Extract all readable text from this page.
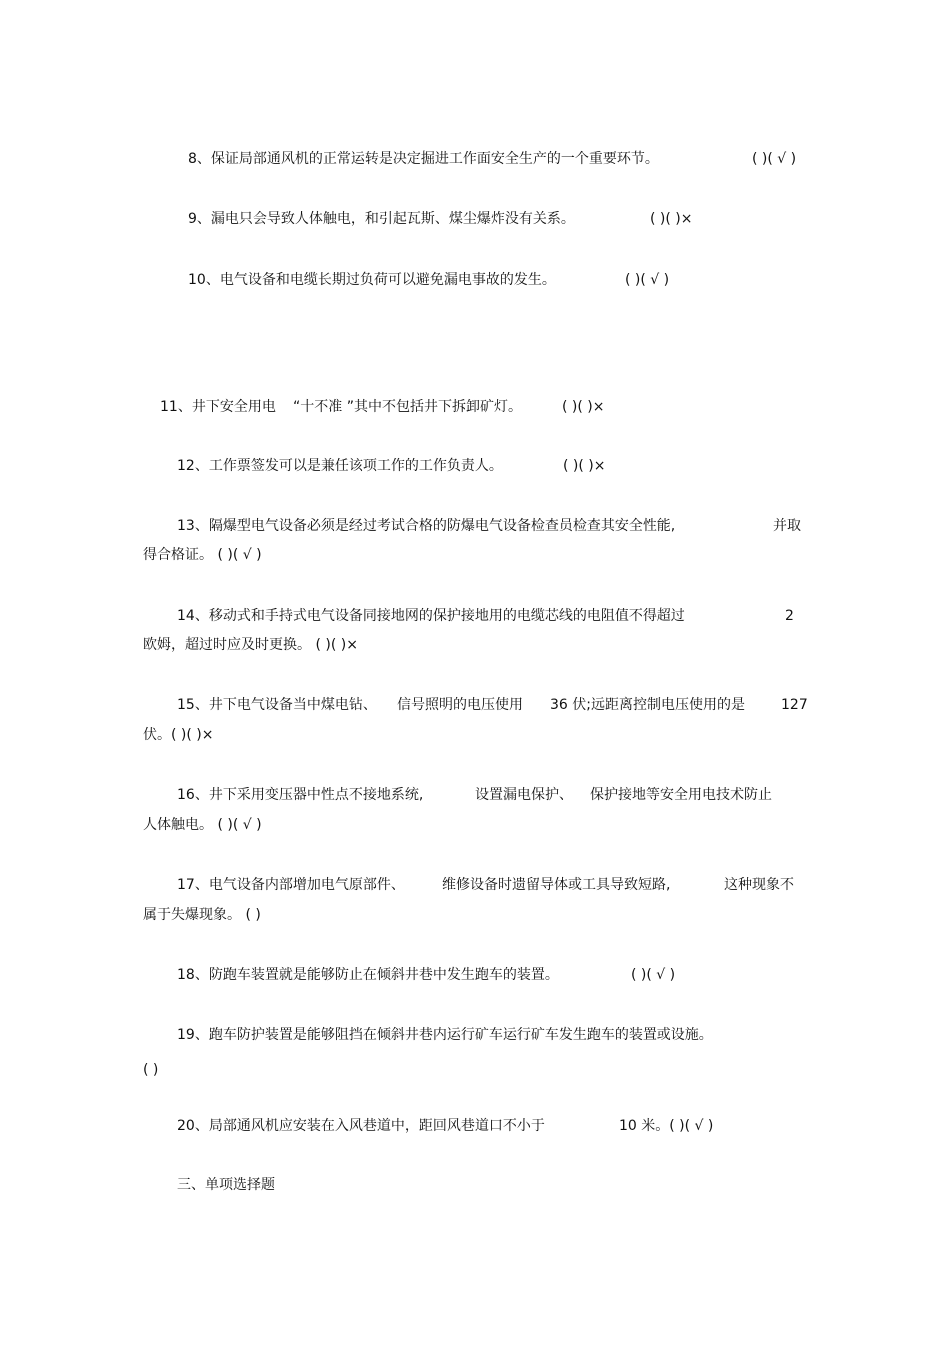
8、保证局部通风机的正常运转是决定掘进工作面安全生产的一个重要环节。	( )( √ )
9、漏电只会导致人体触电，和引起瓦斯、煤尘爆炸没有关系。	( )( )×
10、电气设备和电缆长期过负荷可以避免漏电事故的发生。	( )( √ )
11、井下安全用电 “十不准 ”其中不包括井下拆卸矿灯。	( )( )×
12、工作票签发可以是兼任该项工作的工作负责人。	( )( )×
13、隔爆型电气设备必须是经过考试合格的防爆电气设备检查员检查其安全性能,	并取
得合格证。 ( )( √ )
14、移动式和手持式电气设备同接地网的保护接地用的电缆芯线的电阻值不得超过	2
欧姆，超过时应及时更换。 ( )( )×
15、井下电气设备当中煤电钻、 信号照明的电压使用 36 伏;远距离控制电压使用的是	127
伏。( )( )×
16、井下采用变压器中性点不接地系统,	设置漏电保护、 保护接地等安全用电技术防止
人体触电。 ( )( √ )
17、电气设备内部增加电气原部件、	维修设备时遗留导体或工具导致短路,	这种现象不
属于失爆现象。 ( )
18、防跑车装置就是能够防止在倾斜井巷中发生跑车的装置。	( )( √ )
19、跑车防护装置是能够阻挡在倾斜井巷内运行矿车运行矿车发生跑车的装置或设施。
( )
20、局部通风机应安装在入风巷道中，距回风巷道口不小于	10 米。( )( √ )
三、单项选择题
